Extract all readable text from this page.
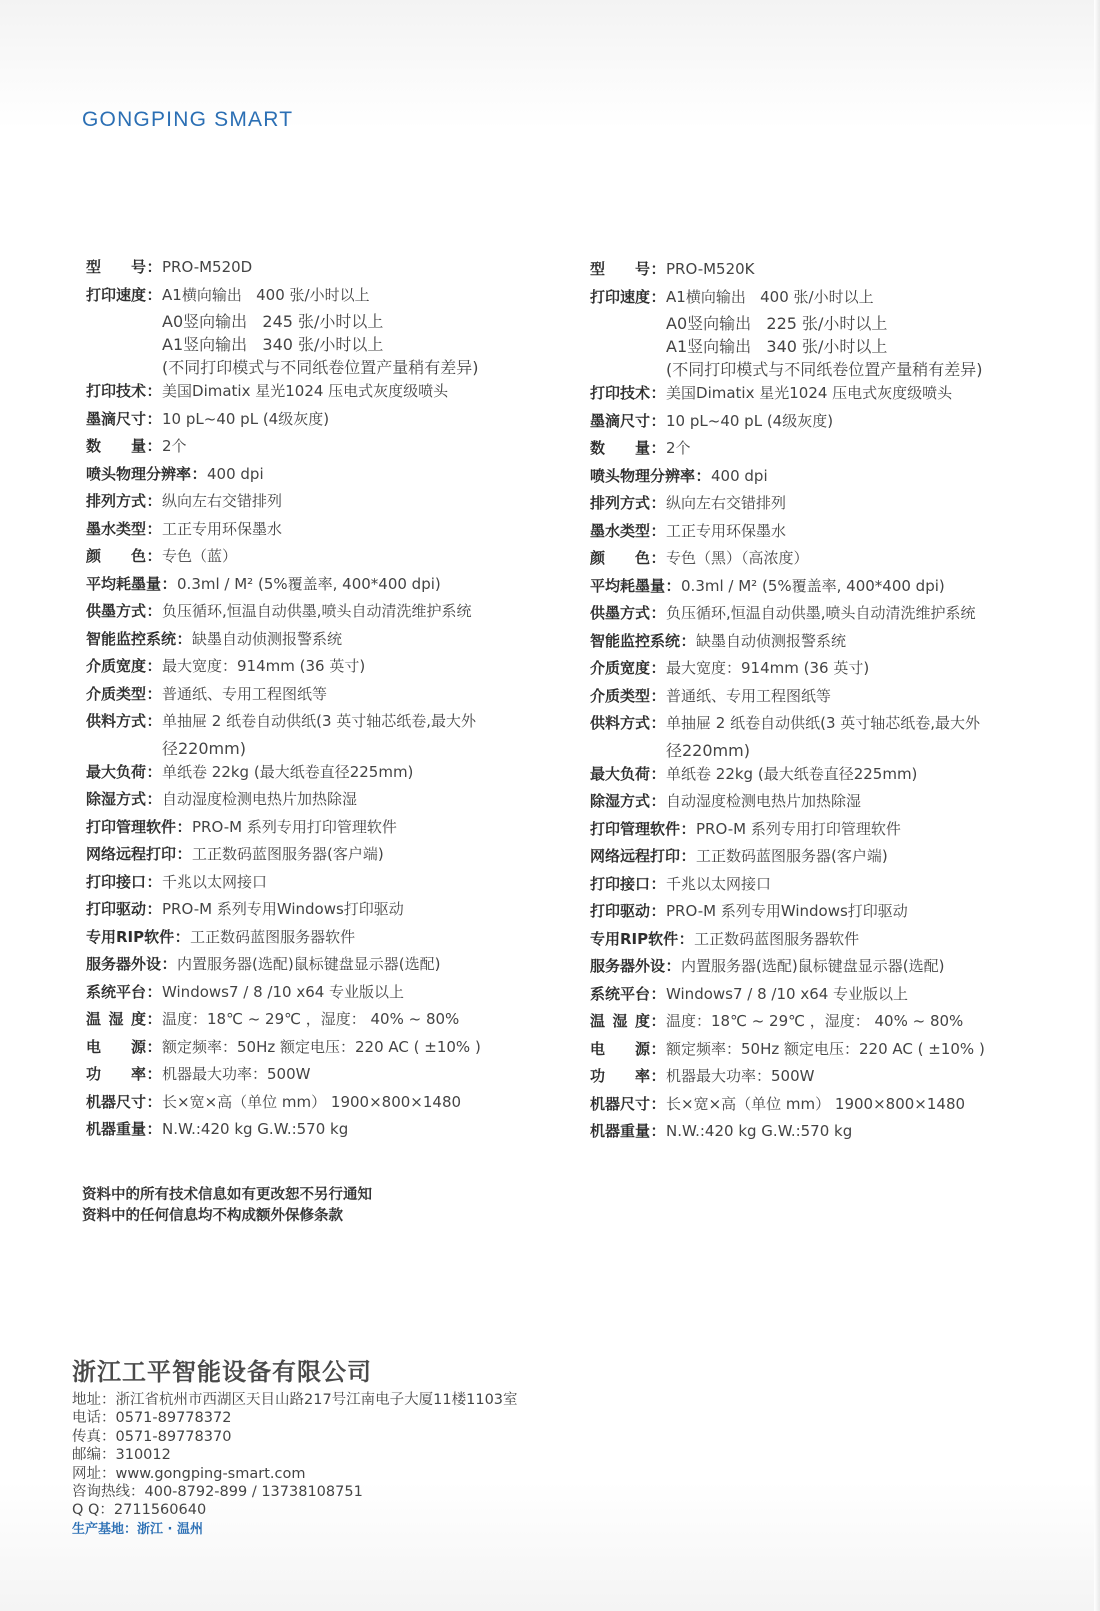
GONGPING SMART
型 号 ： PRO-M520D
打印速度 ： A1横向输出   400 张/小时以上
A0竖向输出   245 张/小时以上
A1竖向输出   340 张/小时以上
(不同打印模式与不同纸卷位置产量稍有差异)
打印技术 ： 美国Dimatix 星光1024 压电式灰度级喷头
墨滴尺寸 ： 10 pL~40 pL (4级灰度)
数 量 ： 2个
喷头物理分辨率 ： 400 dpi
排列方式 ： 纵向左右交错排列
墨水类型 ： 工正专用环保墨水
颜 色 ： 专色（蓝）
平均耗墨量 ： 0.3ml / M² (5%覆盖率, 400*400 dpi)
供墨方式 ： 负压循环,恒温自动供墨,喷头自动清洗维护系统
智能监控系统 ： 缺墨自动侦测报警系统
介质宽度 ： 最大宽度：914mm (36 英寸)
介质类型 ： 普通纸、专用工程图纸等
供料方式 ： 单抽屉 2 纸卷自动供纸(3 英寸轴芯纸卷,最大外
径220mm)
最大负荷 ： 单纸卷 22kg (最大纸卷直径225mm)
除湿方式 ： 自动湿度检测电热片加热除湿
打印管理软件 ： PRO-M 系列专用打印管理软件
网络远程打印 ： 工正数码蓝图服务器(客户端)
打印接口 ： 千兆以太网接口
打印驱动 ： PRO-M 系列专用Windows打印驱动
专用RIP软件 ： 工正数码蓝图服务器软件
服务器外设 ： 内置服务器(选配)鼠标键盘显示器(选配)
系统平台 ： Windows7 / 8 /10 x64 专业版以上
温 湿 度 ： 温度：18℃ ~ 29℃ ，湿度： 40% ~ 80%
电 源 ： 额定频率：50Hz 额定电压：220 AC ( ±10% )
功 率 ： 机器最大功率：500W
机器尺寸 ： 长×宽×高（单位 mm） 1900×800×1480
机器重量 ： N.W.:420 kg G.W.:570 kg
型 号 ： PRO-M520K
打印速度 ： A1横向输出   400 张/小时以上
A0竖向输出   225 张/小时以上
A1竖向输出   340 张/小时以上
(不同打印模式与不同纸卷位置产量稍有差异)
打印技术 ： 美国Dimatix 星光1024 压电式灰度级喷头
墨滴尺寸 ： 10 pL~40 pL (4级灰度)
数 量 ： 2个
喷头物理分辨率 ： 400 dpi
排列方式 ： 纵向左右交错排列
墨水类型 ： 工正专用环保墨水
颜 色 ： 专色（黑）（高浓度）
平均耗墨量 ： 0.3ml / M² (5%覆盖率, 400*400 dpi)
供墨方式 ： 负压循环,恒温自动供墨,喷头自动清洗维护系统
智能监控系统 ： 缺墨自动侦测报警系统
介质宽度 ： 最大宽度：914mm (36 英寸)
介质类型 ： 普通纸、专用工程图纸等
供料方式 ： 单抽屉 2 纸卷自动供纸(3 英寸轴芯纸卷,最大外
径220mm)
最大负荷 ： 单纸卷 22kg (最大纸卷直径225mm)
除湿方式 ： 自动湿度检测电热片加热除湿
打印管理软件 ： PRO-M 系列专用打印管理软件
网络远程打印 ： 工正数码蓝图服务器(客户端)
打印接口 ： 千兆以太网接口
打印驱动 ： PRO-M 系列专用Windows打印驱动
专用RIP软件 ： 工正数码蓝图服务器软件
服务器外设 ： 内置服务器(选配)鼠标键盘显示器(选配)
系统平台 ： Windows7 / 8 /10 x64 专业版以上
温 湿 度 ： 温度：18℃ ~ 29℃ ，湿度： 40% ~ 80%
电 源 ： 额定频率：50Hz 额定电压：220 AC ( ±10% )
功 率 ： 机器最大功率：500W
机器尺寸 ： 长×宽×高（单位 mm） 1900×800×1480
机器重量 ： N.W.:420 kg G.W.:570 kg
资料中的所有技术信息如有更改恕不另行通知
资料中的任何信息均不构成额外保修条款
浙江工平智能设备有限公司
地址：浙江省杭州市西湖区天目山路217号江南电子大厦11楼1103室
电话：0571-89778372
传真：0571-89778370
邮编：310012
网址：www.gongping-smart.com
咨询热线：400-8792-899 / 13738108751
Q Q：2711560640
生产基地：浙江 · 温州
